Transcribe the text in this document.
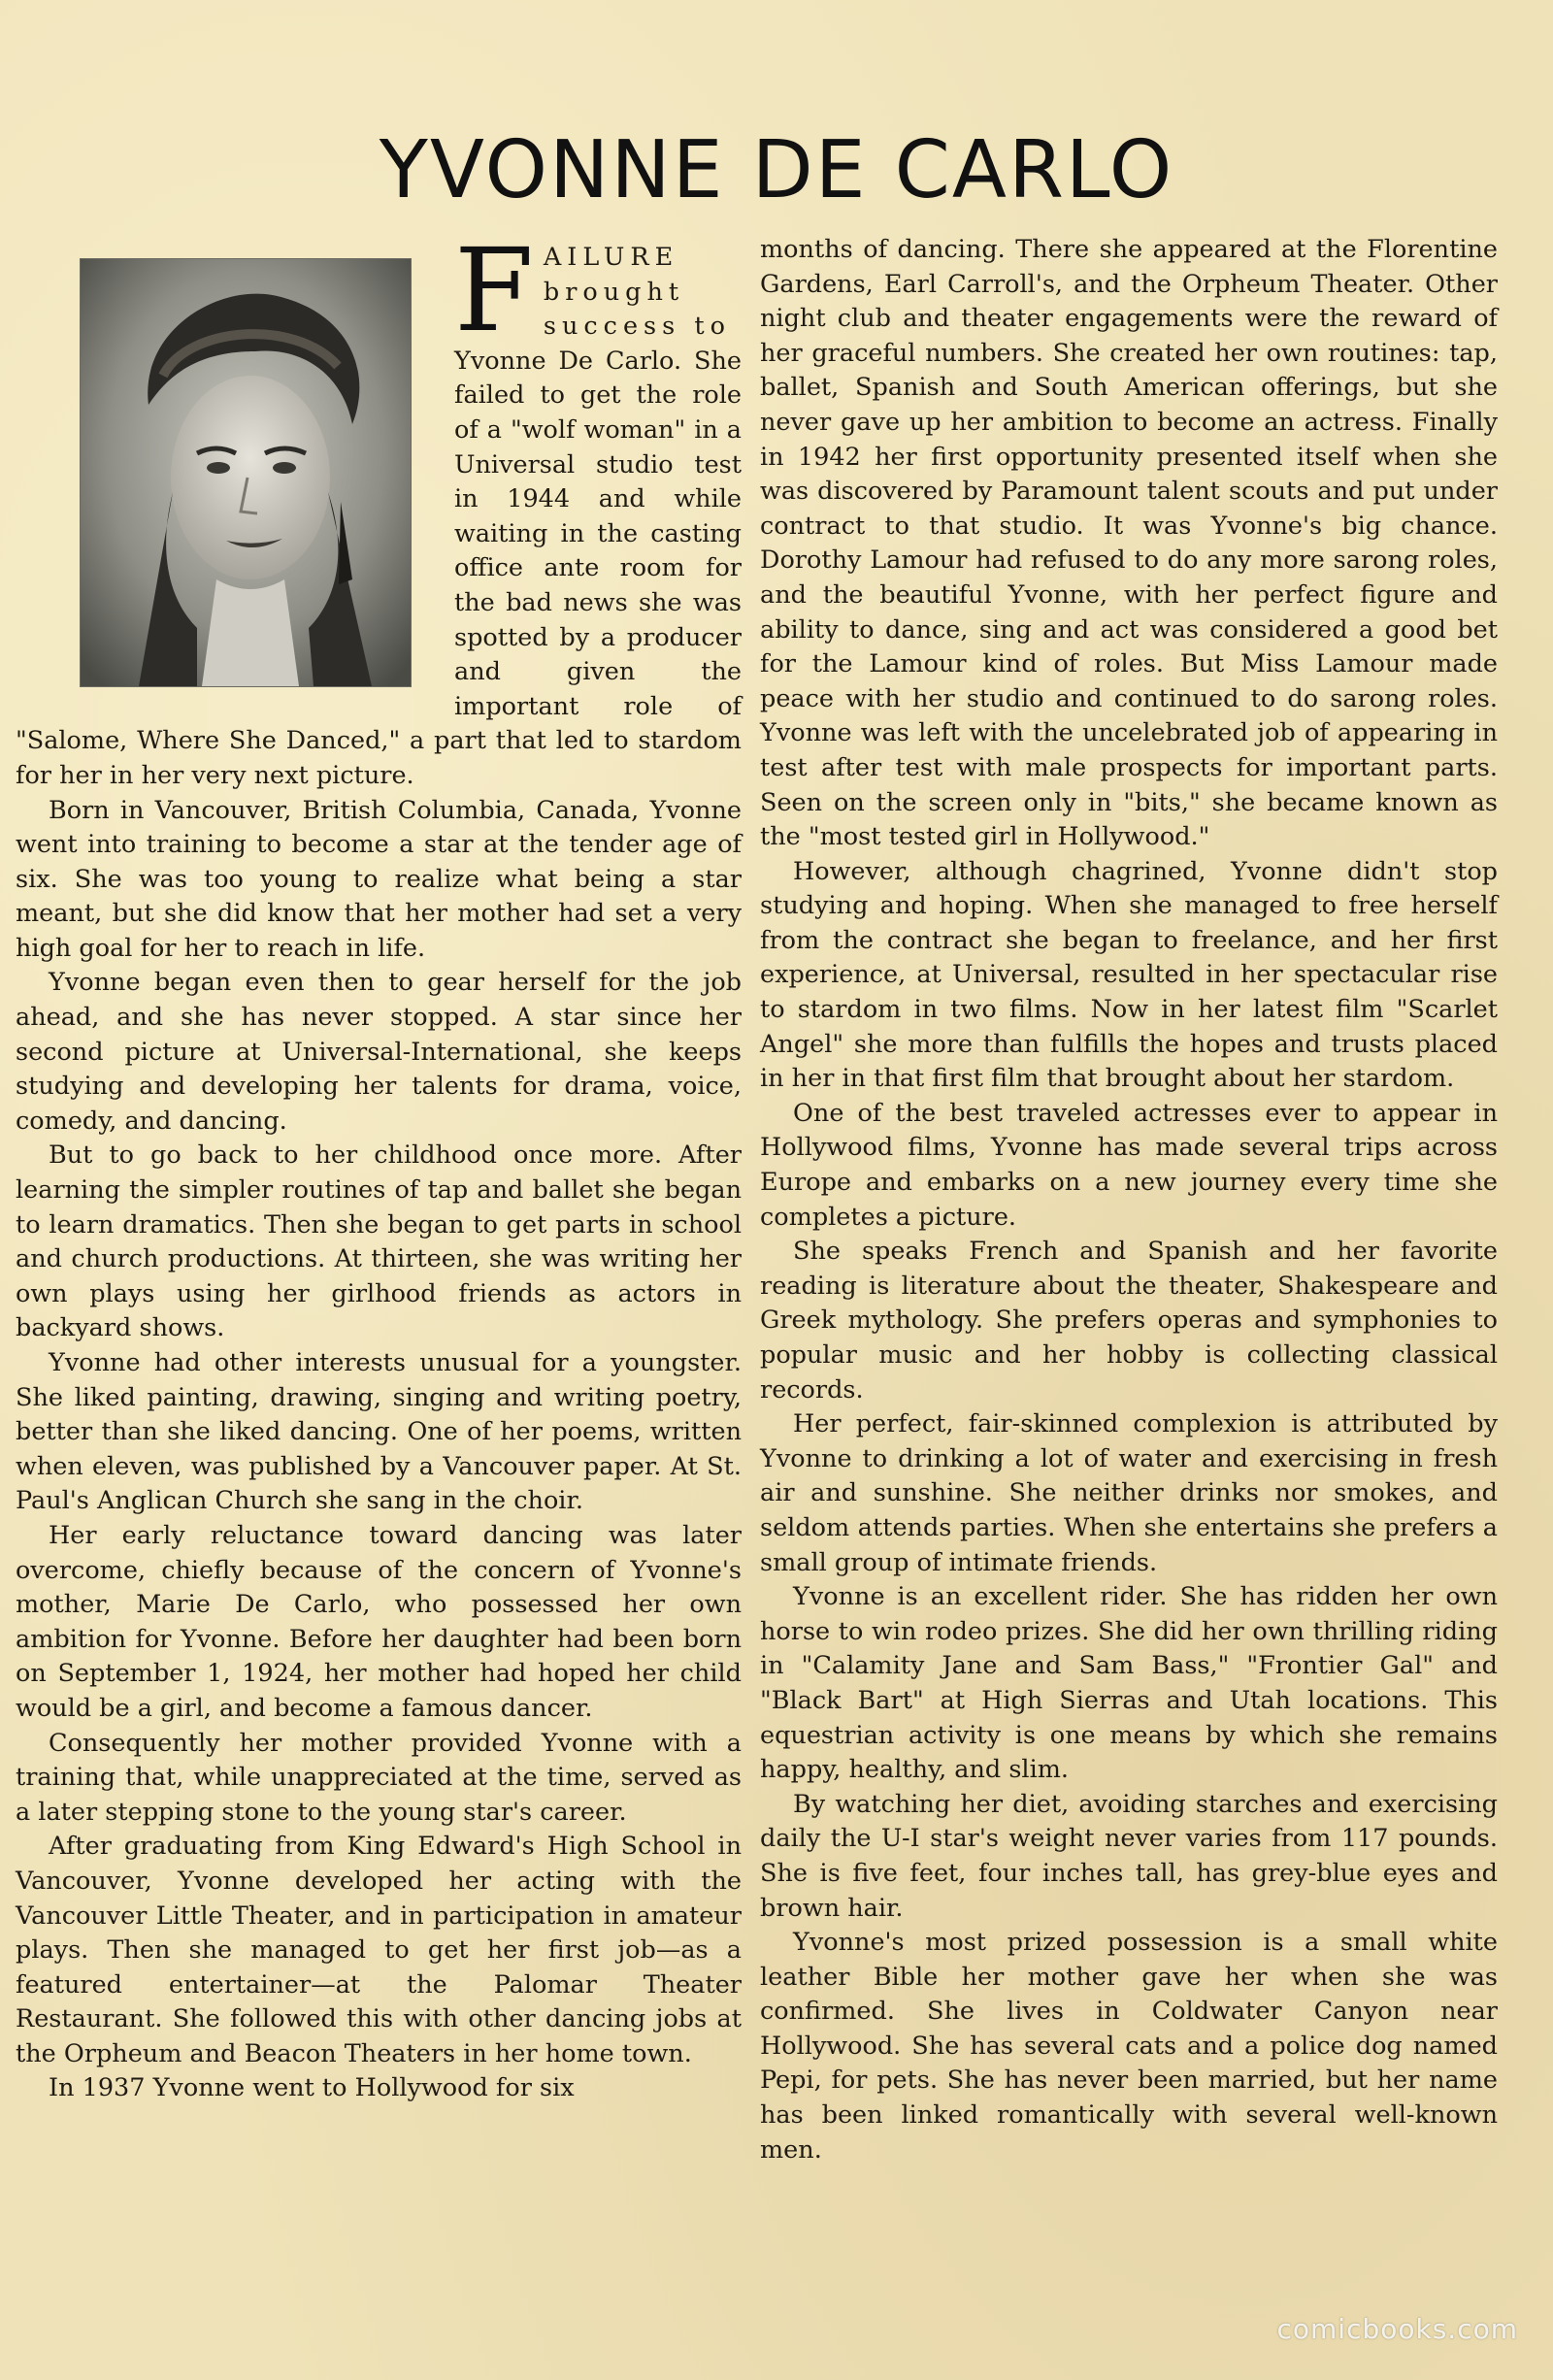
YVONNE DE CARLO
F AILURE brought success to

Yvonne De Carlo. She failed to get the role of a "wolf woman" in a Universal studio test in 1944 and while waiting in the casting office ante room for the bad news she was spotted by a producer and given the important role of "Salome, Where She Danced," a part that led to stardom for her in her very next picture.

Born in Vancouver, British Columbia, Canada, Yvonne went into training to become a star at the tender age of six. She was too young to realize what being a star meant, but she did know that her mother had set a very high goal for her to reach in life.

Yvonne began even then to gear herself for the job ahead, and she has never stopped. A star since her second picture at Universal-International, she keeps studying and developing her talents for drama, voice, comedy, and dancing.

But to go back to her childhood once more. After learning the simpler routines of tap and ballet she began to learn dramatics. Then she began to get parts in school and church productions. At thirteen, she was writing her own plays using her girlhood friends as actors in backyard shows.

Yvonne had other interests unusual for a youngster. She liked painting, drawing, singing and writing poetry, better than she liked dancing. One of her poems, written when eleven, was published by a Vancouver paper. At St. Paul's Anglican Church she sang in the choir.

Her early reluctance toward dancing was later overcome, chiefly because of the concern of Yvonne's mother, Marie De Carlo, who possessed her own ambition for Yvonne. Before her daughter had been born on September 1, 1924, her mother had hoped her child would be a girl, and become a famous dancer.

Consequently her mother provided Yvonne with a training that, while unappreciated at the time, served as a later stepping stone to the young star's career.

After graduating from King Edward's High School in Vancouver, Yvonne developed her acting with the Vancouver Little Theater, and in participation in amateur plays. Then she managed to get her first job—as a featured entertainer—at the Palomar Theater Restaurant. She followed this with other dancing jobs at the Orpheum and Beacon Theaters in her home town.

In 1937 Yvonne went to Hollywood for six

months of dancing. There she appeared at the Florentine Gardens, Earl Carroll's, and the Orpheum Theater. Other night club and theater engagements were the reward of her graceful numbers. She created her own routines: tap, ballet, Spanish and South American offerings, but she never gave up her ambition to become an actress. Finally in 1942 her first opportunity presented itself when she was discovered by Paramount talent scouts and put under contract to that studio. It was Yvonne's big chance. Dorothy Lamour had refused to do any more sarong roles, and the beautiful Yvonne, with her perfect figure and ability to dance, sing and act was considered a good bet for the Lamour kind of roles. But Miss Lamour made peace with her studio and continued to do sarong roles. Yvonne was left with the uncelebrated job of appearing in test after test with male prospects for important parts. Seen on the screen only in "bits," she became known as the "most tested girl in Hollywood."

However, although chagrined, Yvonne didn't stop studying and hoping. When she managed to free herself from the contract she began to freelance, and her first experience, at Universal, resulted in her spectacular rise to stardom in two films. Now in her latest film "Scarlet Angel" she more than fulfills the hopes and trusts placed in her in that first film that brought about her stardom.

One of the best traveled actresses ever to appear in Hollywood films, Yvonne has made several trips across Europe and embarks on a new journey every time she completes a picture.

She speaks French and Spanish and her favorite reading is literature about the theater, Shakespeare and Greek mythology. She prefers operas and symphonies to popular music and her hobby is collecting classical records.

Her perfect, fair-skinned complexion is attributed by Yvonne to drinking a lot of water and exercising in fresh air and sunshine. She neither drinks nor smokes, and seldom attends parties. When she entertains she prefers a small group of intimate friends.

Yvonne is an excellent rider. She has ridden her own horse to win rodeo prizes. She did her own thrilling riding in "Calamity Jane and Sam Bass," "Frontier Gal" and "Black Bart" at High Sierras and Utah locations. This equestrian activity is one means by which she remains happy, healthy, and slim.

By watching her diet, avoiding starches and exercising daily the U-I star's weight never varies from 117 pounds. She is five feet, four inches tall, has grey-blue eyes and brown hair.

Yvonne's most prized possession is a small white leather Bible her mother gave her when she was confirmed. She lives in Coldwater Canyon near Hollywood. She has several cats and a police dog named Pepi, for pets. She has never been married, but her name has been linked romantically with several well-known men.

comicbooks.com
